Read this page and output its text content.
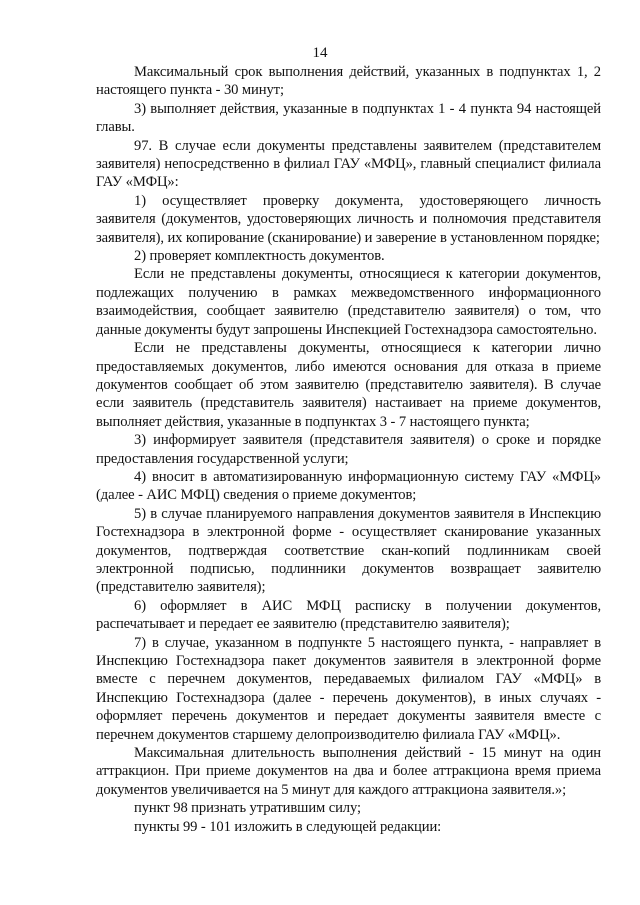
14

Максимальный срок выполнения действий, указанных в подпунктах 1, 2 настоящего пункта - 30 минут;

3) выполняет действия, указанные в подпунктах 1 - 4 пункта 94 настоящей главы.

97. В случае если документы представлены заявителем (представителем заявителя) непосредственно в филиал ГАУ «МФЦ», главный специалист филиала ГАУ «МФЦ»:

1) осуществляет проверку документа, удостоверяющего личность заявителя (документов, удостоверяющих личность и полномочия представителя заявителя), их копирование (сканирование) и заверение в установленном порядке;

2) проверяет комплектность документов.

Если не представлены документы, относящиеся к категории документов, подлежащих получению в рамках межведомственного информационного взаимодействия, сообщает заявителю (представителю заявителя) о том, что данные документы будут запрошены Инспекцией Гостехнадзора самостоятельно.

Если не представлены документы, относящиеся к категории лично предоставляемых документов, либо имеются основания для отказа в приеме документов сообщает об этом заявителю (представителю заявителя). В случае если заявитель (представитель заявителя) настаивает на приеме документов, выполняет действия, указанные в подпунктах 3 - 7 настоящего пункта;

3) информирует заявителя (представителя заявителя) о сроке и порядке предоставления государственной услуги;

4) вносит в автоматизированную информационную систему ГАУ «МФЦ» (далее - АИС МФЦ) сведения о приеме документов;

5) в случае планируемого направления документов заявителя в Инспекцию Гостехнадзора в электронной форме - осуществляет сканирование указанных документов, подтверждая соответствие скан-копий подлинникам своей электронной подписью, подлинники документов возвращает заявителю (представителю заявителя);

6) оформляет в АИС МФЦ расписку в получении документов, распечатывает и передает ее заявителю (представителю заявителя);

7) в случае, указанном в подпункте 5 настоящего пункта, - направляет в Инспекцию Гостехнадзора пакет документов заявителя в электронной форме вместе с перечнем документов, передаваемых филиалом ГАУ «МФЦ» в Инспекцию Гостехнадзора (далее - перечень документов), в иных случаях - оформляет перечень документов и передает документы заявителя вместе с перечнем документов старшему делопроизводителю филиала ГАУ «МФЦ».

Максимальная длительность выполнения действий - 15 минут на один аттракцион. При приеме документов на два и более аттракциона время приема документов увеличивается на 5 минут для каждого аттракциона заявителя.»;

пункт 98 признать утратившим силу;

пункты 99 - 101 изложить в следующей редакции:
